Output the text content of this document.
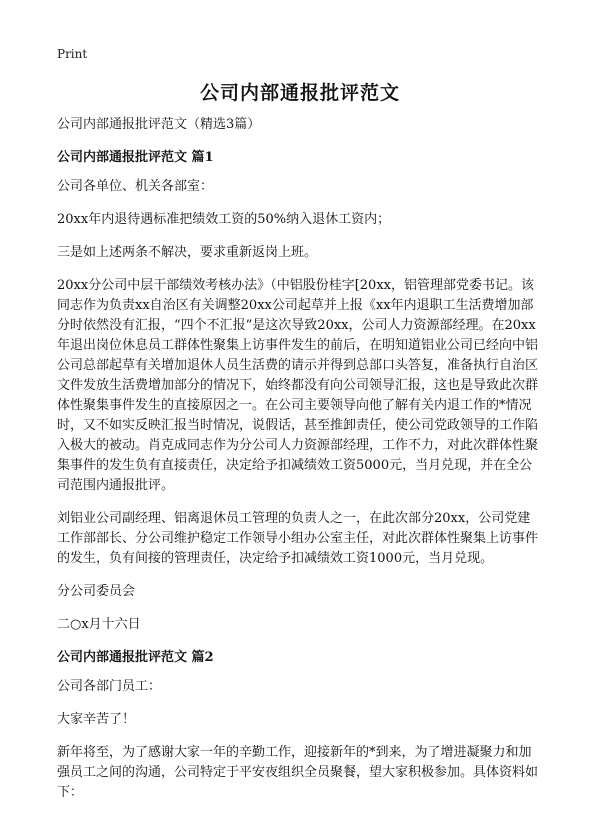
Print
公司内部通报批评范文

公司内部通报批评范文（精选3篇）

公司内部通报批评范文 篇1

公司各单位、机关各部室：

20xx年内退待遇标准把绩效工资的50%纳入退休工资内；

三是如上述两条不解决，要求重新返岗上班。

20xx分公司中层干部绩效考核办法》（中铝股份桂字[20xx，铝管理部党委书记。该同志作为负责xx自治区有关调整20xx公司起草并上报《xx年内退职工生活费增加部分时依然没有汇报，“四个不汇报”是这次导致20xx，公司人力资源部经理。在20xx年退出岗位休息员工群体性聚集上访事件发生的前后，在明知道铝业公司已经向中铝公司总部起草有关增加退休人员生活费的请示并得到总部口头答复，准备执行自治区文件发放生活费增加部分的情况下，始终都没有向公司领导汇报，这也是导致此次群体性聚集事件发生的直接原因之一。在公司主要领导向他了解有关内退工作的*情况时，又不如实反映汇报当时情况，说假话，甚至推卸责任，使公司党政领导的工作陷入极大的被动。肖克成同志作为分公司人力资源部经理，工作不力，对此次群体性聚集事件的发生负有直接责任，决定给予扣减绩效工资5000元，当月兑现，并在全公司范围内通报批评。

刘铝业公司副经理、铝离退休员工管理的负责人之一，在此次部分20xx，公司党建工作部部长、分公司维护稳定工作领导小组办公室主任，对此次群体性聚集上访事件的发生，负有间接的管理责任，决定给予扣减绩效工资1000元，当月兑现。

分公司委员会

二○x月十六日

公司内部通报批评范文 篇2

公司各部门员工：

大家辛苦了！

新年将至，为了感谢大家一年的辛勤工作，迎接新年的*到来，为了增进凝聚力和加强员工之间的沟通，公司特定于平安夜组织全员聚餐，望大家积极参加。具体资料如下：
